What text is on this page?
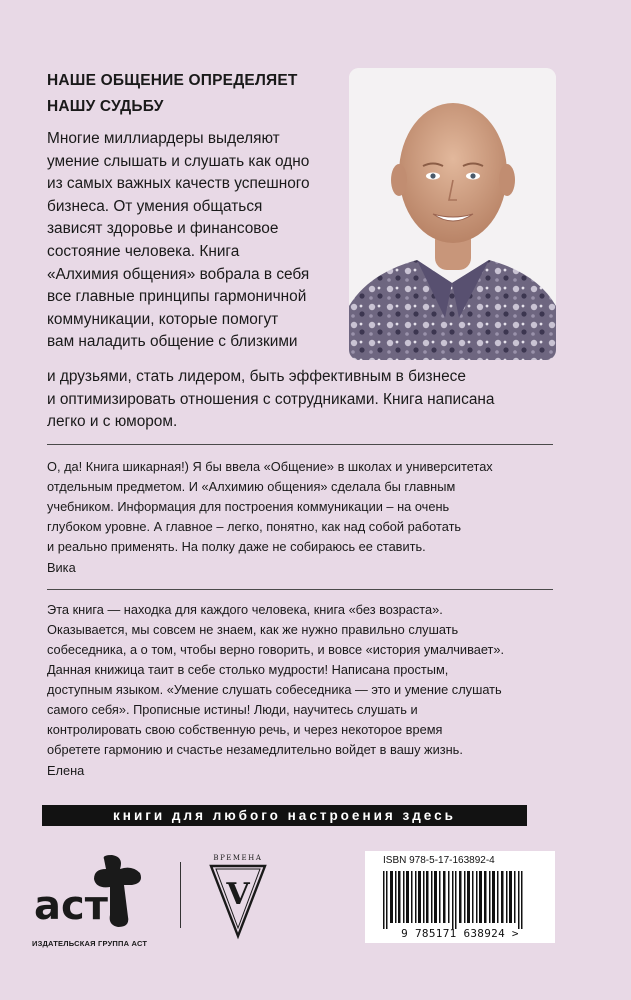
НАШЕ ОБЩЕНИЕ ОПРЕДЕЛЯЕТ
НАШУ СУДЬБУ
Многие миллиардеры выделяют
умение слышать и слушать как одно
из самых важных качеств успешного
бизнеса. От умения общаться
зависят здоровье и финансовое
состояние человека. Книга
«Алхимия общения» вобрала в себя
все главные принципы гармоничной
коммуникации, которые помогут
вам наладить общение с близкими
и друзьями, стать лидером, быть эффективным в бизнесе
и оптимизировать отношения с сотрудниками. Книга написана
легко и с юмором.
О, да! Книга шикарная!) Я бы ввела «Общение» в школах и университетах
отдельным предметом. И «Алхимию общения» сделала бы главным
учебником. Информация для построения коммуникации – на очень
глубоком уровне. А главное – легко, понятно, как над собой работать
и реально применять. На полку даже не собираюсь ее ставить.
Вика
Эта книга — находка для каждого человека, книга «без возраста».
Оказывается, мы совсем не знаем, как же нужно правильно слушать
собеседника, а о том, чтобы верно говорить, и вовсе «история умалчивает».
Данная книжица таит в себе столько мудрости! Написана простым,
доступным языком. «Умение слушать собеседника — это и умение слушать
самого себя». Прописные истины! Люди, научитесь слушать и
контролировать свою собственную речь, и через некоторое время
обретете гармонию и счастье незамедлительно войдет в вашу жизнь.
Елена
книги для любого настроения здесь
аст
ИЗДАТЕЛЬСКАЯ ГРУППА АСТ
ВРЕМЕНА
V
ISBN 978-5-17-163892-4
9 785171 638924 >
